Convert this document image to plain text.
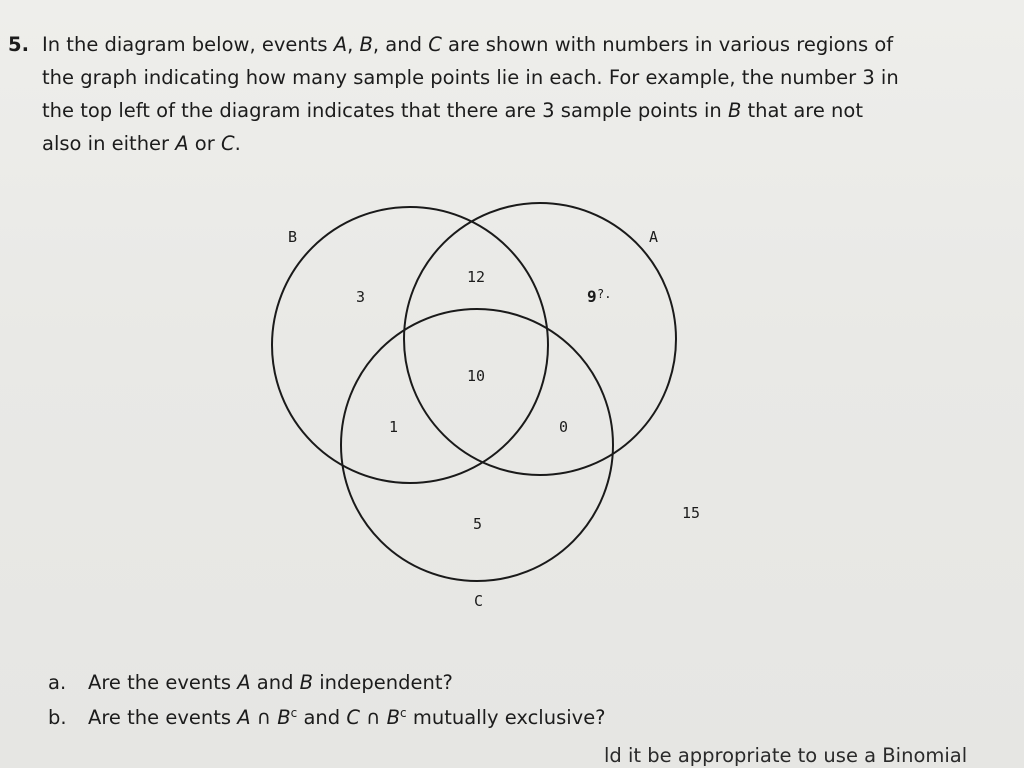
5. In the diagram below, events A, B, and C are shown with numbers in various regions of
the graph indicating how many sample points lie in each. For example, the number 3 in
the top left of the diagram indicates that there are 3 sample points in B that are not
also in either A or C.
B	A
C
3
12
9 ?.
10
1	0
5
15
a. Are the events A and B independent?
b. Are the events A ∩ $B^c$ and C ∩ $B^c$ mutually exclusive?
ld it be appropriate to use a Binomial
